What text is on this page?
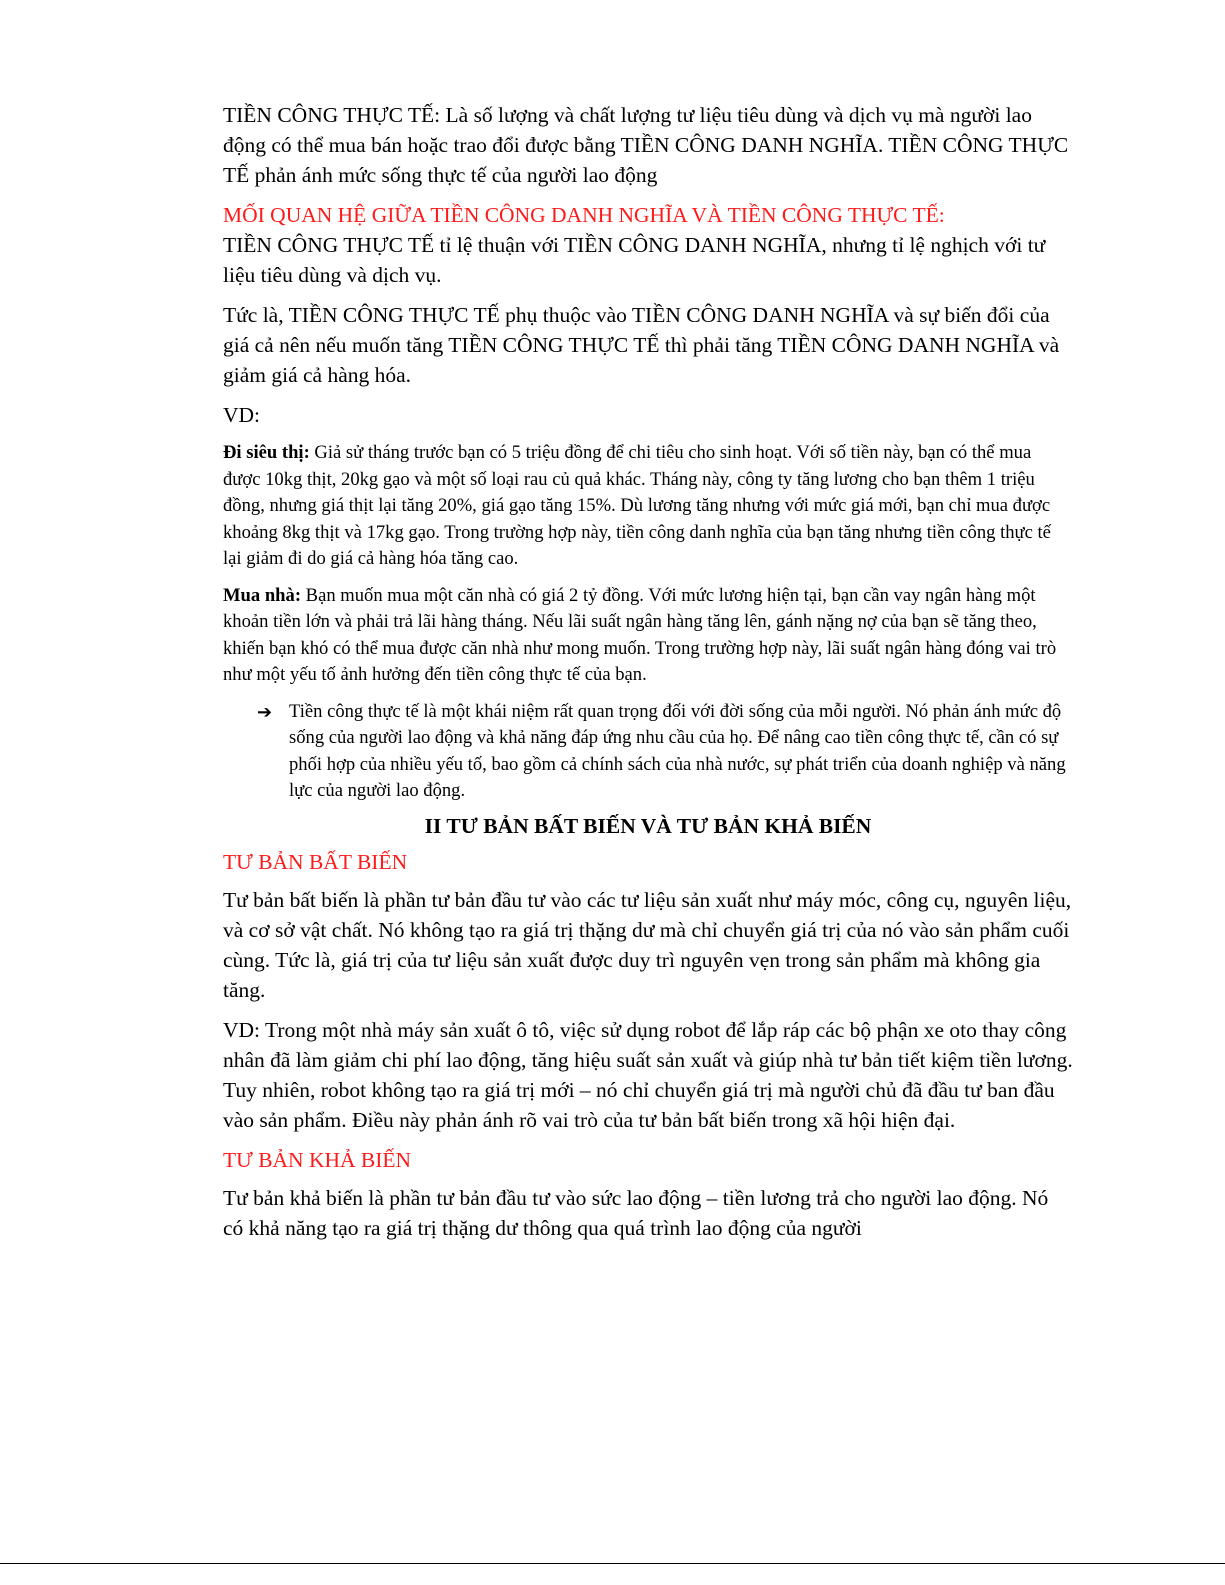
TIỀN CÔNG THỰC TẾ: Là số lượng và chất lượng tư liệu tiêu dùng và dịch vụ mà người lao động có thể mua bán hoặc trao đổi được bằng TIỀN CÔNG DANH NGHĨA. TIỀN CÔNG THỰC TẾ phản ánh mức sống thực tế của người lao động

MỐI QUAN HỆ GIỮA TIỀN CÔNG DANH NGHĨA VÀ TIỀN CÔNG THỰC TẾ:
TIỀN CÔNG THỰC TẾ tỉ lệ thuận với TIỀN CÔNG DANH NGHĨA, nhưng tỉ lệ nghịch với tư liệu tiêu dùng và dịch vụ.

Tức là, TIỀN CÔNG THỰC TẾ phụ thuộc vào TIỀN CÔNG DANH NGHĨA và sự biến đổi của giá cả nên nếu muốn tăng TIỀN CÔNG THỰC TẾ thì phải tăng TIỀN CÔNG DANH NGHĨA và giảm giá cả hàng hóa.

VD:

Đi siêu thị: Giả sử tháng trước bạn có 5 triệu đồng để chi tiêu cho sinh hoạt. Với số tiền này, bạn có thể mua được 10kg thịt, 20kg gạo và một số loại rau củ quả khác. Tháng này, công ty tăng lương cho bạn thêm 1 triệu đồng, nhưng giá thịt lại tăng 20%, giá gạo tăng 15%. Dù lương tăng nhưng với mức giá mới, bạn chỉ mua được khoảng 8kg thịt và 17kg gạo. Trong trường hợp này, tiền công danh nghĩa của bạn tăng nhưng tiền công thực tế lại giảm đi do giá cả hàng hóa tăng cao.

Mua nhà: Bạn muốn mua một căn nhà có giá 2 tỷ đồng. Với mức lương hiện tại, bạn cần vay ngân hàng một khoản tiền lớn và phải trả lãi hàng tháng. Nếu lãi suất ngân hàng tăng lên, gánh nặng nợ của bạn sẽ tăng theo, khiến bạn khó có thể mua được căn nhà như mong muốn. Trong trường hợp này, lãi suất ngân hàng đóng vai trò như một yếu tố ảnh hưởng đến tiền công thực tế của bạn.

➔ Tiền công thực tế là một khái niệm rất quan trọng đối với đời sống của mỗi người. Nó phản ánh mức độ sống của người lao động và khả năng đáp ứng nhu cầu của họ. Để nâng cao tiền công thực tế, cần có sự phối hợp của nhiều yếu tố, bao gồm cả chính sách của nhà nước, sự phát triển của doanh nghiệp và năng lực của người lao động.
II TƯ BẢN BẤT BIẾN VÀ TƯ BẢN KHẢ BIẾN
TƯ BẢN BẤT BIẾN

Tư bản bất biến là phần tư bản đầu tư vào các tư liệu sản xuất như máy móc, công cụ, nguyên liệu, và cơ sở vật chất. Nó không tạo ra giá trị thặng dư mà chỉ chuyển giá trị của nó vào sản phẩm cuối cùng. Tức là, giá trị của tư liệu sản xuất được duy trì nguyên vẹn trong sản phẩm mà không gia tăng.

VD: Trong một nhà máy sản xuất ô tô, việc sử dụng robot để lắp ráp các bộ phận xe oto thay công nhân đã làm giảm chi phí lao động, tăng hiệu suất sản xuất và giúp nhà tư bản tiết kiệm tiền lương. Tuy nhiên, robot không tạo ra giá trị mới – nó chỉ chuyển giá trị mà người chủ đã đầu tư ban đầu vào sản phẩm. Điều này phản ánh rõ vai trò của tư bản bất biến trong xã hội hiện đại.

TƯ BẢN KHẢ BIẾN

Tư bản khả biến là phần tư bản đầu tư vào sức lao động – tiền lương trả cho người lao động. Nó có khả năng tạo ra giá trị thặng dư thông qua quá trình lao động của người
